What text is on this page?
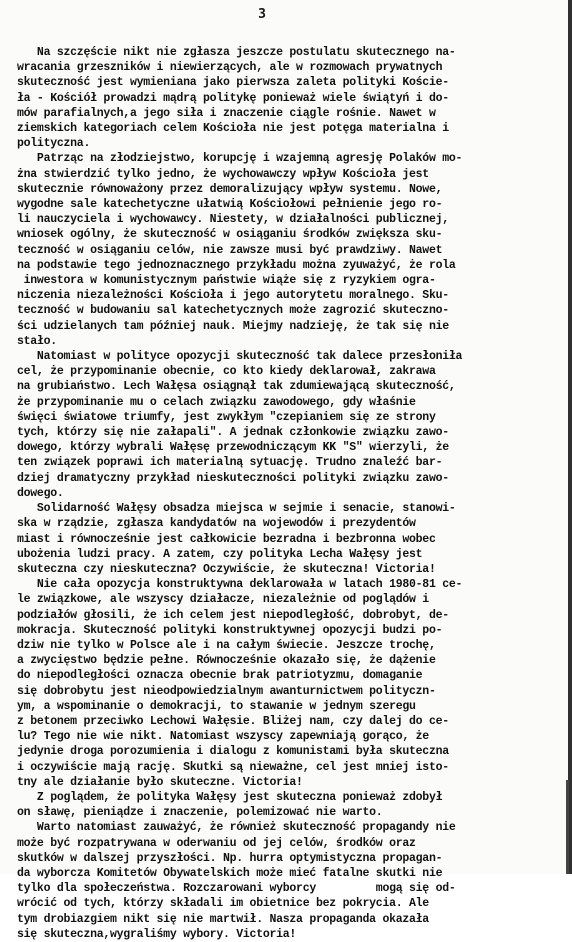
3
Na szczęście nikt nie zgłasza jeszcze postulatu skutecznego na-
wracania grzeszników i niewierzących, ale w rozmowach prywatnych
skuteczność jest wymieniana jako pierwsza zaleta polityki Koście-
ła - Kościół prowadzi mądrą politykę ponieważ wiele świątyń i do-
mów parafialnych,a jego siła i znaczenie ciągle rośnie. Nawet w
ziemskich kategoriach celem Kościoła nie jest potęga materialna i
polityczna.
Patrząc na złodziejstwo, korupcję i wzajemną agresję Polaków mo-
żna stwierdzić tylko jedno, że wychowawczy wpływ Kościoła jest
skutecznie równoważony przez demoralizujący wpływ systemu. Nowe,
wygodne sale katechetyczne ułatwią Kościołowi pełnienie jego ro-
li nauczyciela i wychowawcy. Niestety, w działalności publicznej,
wniosek ogólny, że skuteczność w osiąganiu środków zwiększa sku-
teczność w osiąganiu celów, nie zawsze musi być prawdziwy. Nawet
na podstawie tego jednoznacznego przykładu można zyuważyć, że rola
inwestora w komunistycznym państwie wiąże się z ryzykiem ogra-
niczenia niezależności Kościoła i jego autorytetu moralnego. Sku-
teczność w budowaniu sal katechetycznych może zagrozić skuteczno-
ści udzielanych tam później nauk. Miejmy nadzieję, że tak się nie
stało.
Natomiast w polityce opozycji skuteczność tak dalece przesłoniła
cel, że przypominanie obecnie, co kto kiedy deklarował, zakrawa
na grubiaństwo. Lech Wałęsa osiągnął tak zdumiewającą skuteczność,
że przypominanie mu o celach związku zawodowego, gdy właśnie
święci światowe triumfy, jest zwykłym "czepianiem się ze strony
tych, którzy się nie załapali". A jednak członkowie związku zawo-
dowego, którzy wybrali Wałęsę przewodniczącym KK "S" wierzyli, że
ten związek poprawi ich materialną sytuację. Trudno znaleźć bar-
dziej dramatyczny przykład nieskuteczności polityki związku zawo-
dowego.
Solidarność Wałęsy obsadza miejsca w sejmie i senacie, stanowi-
ska w rządzie, zgłasza kandydatów na wojewodów i prezydentów
miast i równocześnie jest całkowicie bezradna i bezbronna wobec
ubożenia ludzi pracy. A zatem, czy polityka Lecha Wałęsy jest
skuteczna czy nieskuteczna? Oczywiście, że skuteczna! Victoria!
Nie cała opozycja konstruktywna deklarowała w latach 1980-81 ce-
le związkowe, ale wszyscy działacze, niezależnie od poglądów i
podziałów głosili, że ich celem jest niepodległość, dobrobyt, de-
mokracja. Skuteczność polityki konstruktywnej opozycji budzi po-
dziw nie tylko w Polsce ale i na całym świecie. Jeszcze trochę,
a zwycięstwo będzie pełne. Równocześnie okazało się, że dążenie
do niepodległości oznacza obecnie brak patriotyzmu, domaganie
się dobrobytu jest nieodpowiedzialnym awanturnictwem polityczn-
ym, a wspominanie o demokracji, to stawanie w jednym szeregu
z betonem przeciwko Lechowi Wałęsie. Bliżej nam, czy dalej do ce-
lu? Tego nie wie nikt. Natomiast wszyscy zapewniają gorąco, że
jedynie droga porozumienia i dialogu z komunistami była skuteczna
i oczywiście mają rację. Skutki są nieważne, cel jest mniej isto-
tny ale działanie było skuteczne. Victoria!
Z poglądem, że polityka Wałęsy jest skuteczna ponieważ zdobył
on sławę, pieniądze i znaczenie, polemizować nie warto.
Warto natomiast zauważyć, że również skuteczność propagandy nie
może być rozpatrywana w oderwaniu od jej celów, środków oraz
skutków w dalszej przyszłości. Np. hurra optymistyczna propagan-
da wyborcza Komitetów Obywatelskich może mieć fatalne skutki nie
tylko dla społeczeństwa. Rozczarowani wyborcy         mogą się od-
wrócić od tych, którzy składali im obietnice bez pokrycia. Ale
tym drobiazgiem nikt się nie martwił. Nasza propaganda okazała
się skuteczna,wygraliśmy wybory. Victoria!
